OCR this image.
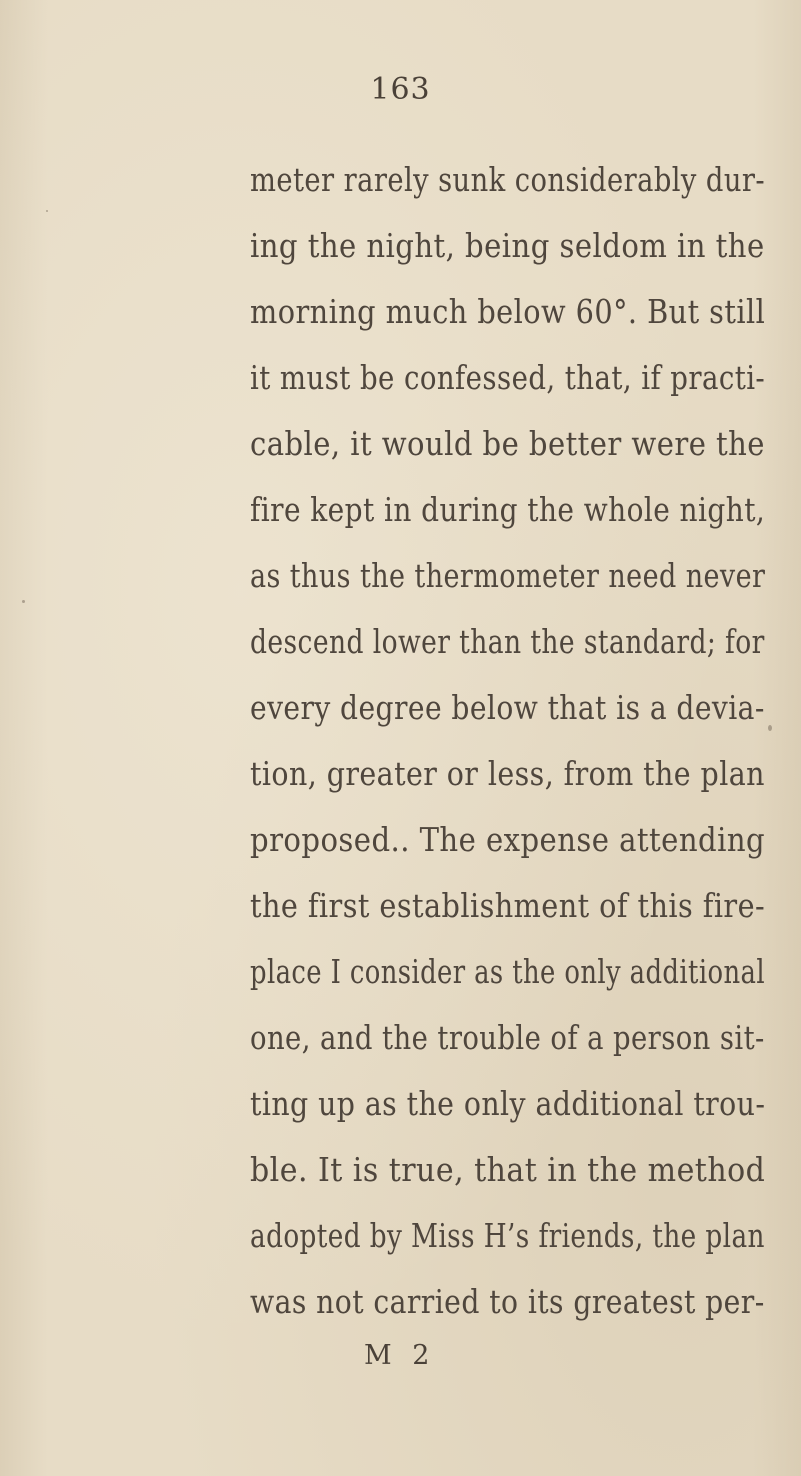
163
meter rarely sunk considerably dur-
ing the night, being seldom in the
morning much below 60°. But still
it must be confessed, that, if practi-
cable, it would be better were the
fire kept in during the whole night,
as thus the thermometer need never
descend lower than the standard; for
every degree below that is a devia-
tion, greater or less, from the plan
proposed.. The expense attending
the first establishment of this fire-
place I consider as the only additional
one, and the trouble of a person sit-
ting up as the only additional trou-
ble. It is true, that in the method
adopted by Miss H’s friends, the plan
was not carried to its greatest per-
M 2
